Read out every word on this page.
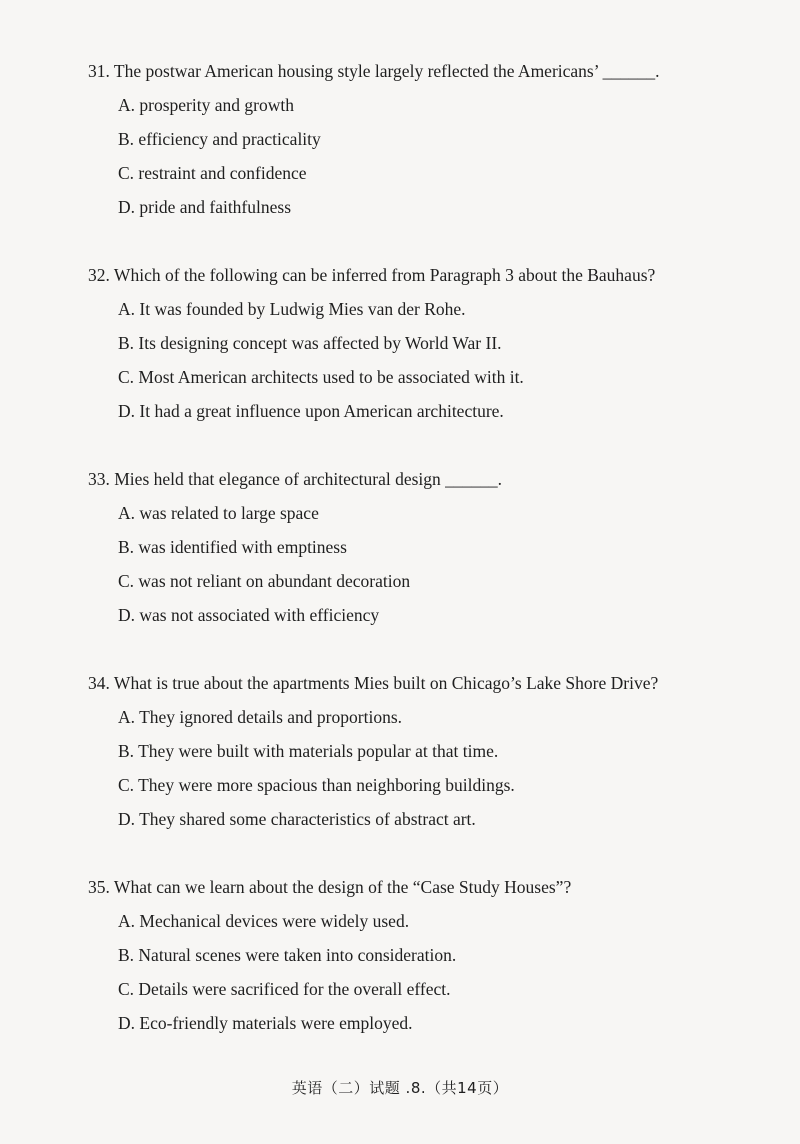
31. The postwar American housing style largely reflected the Americans’ ______.

A. prosperity and growth
B. efficiency and practicality
C. restraint and confidence
D. pride and faithfulness

32. Which of the following can be inferred from Paragraph 3 about the Bauhaus?

A. It was founded by Ludwig Mies van der Rohe.
B. Its designing concept was affected by World War II.
C. Most American architects used to be associated with it.
D. It had a great influence upon American architecture.

33. Mies held that elegance of architectural design ______.

A. was related to large space
B. was identified with emptiness
C. was not reliant on abundant decoration
D. was not associated with efficiency

34. What is true about the apartments Mies built on Chicago’s Lake Shore Drive?

A. They ignored details and proportions.
B. They were built with materials popular at that time.
C. They were more spacious than neighboring buildings.
D. They shared some characteristics of abstract art.

35. What can we learn about the design of the “Case Study Houses”?

A. Mechanical devices were widely used.
B. Natural scenes were taken into consideration.
C. Details were sacrificed for the overall effect.
D. Eco-friendly materials were employed.
英语（二）试题 .8.（共14页）
